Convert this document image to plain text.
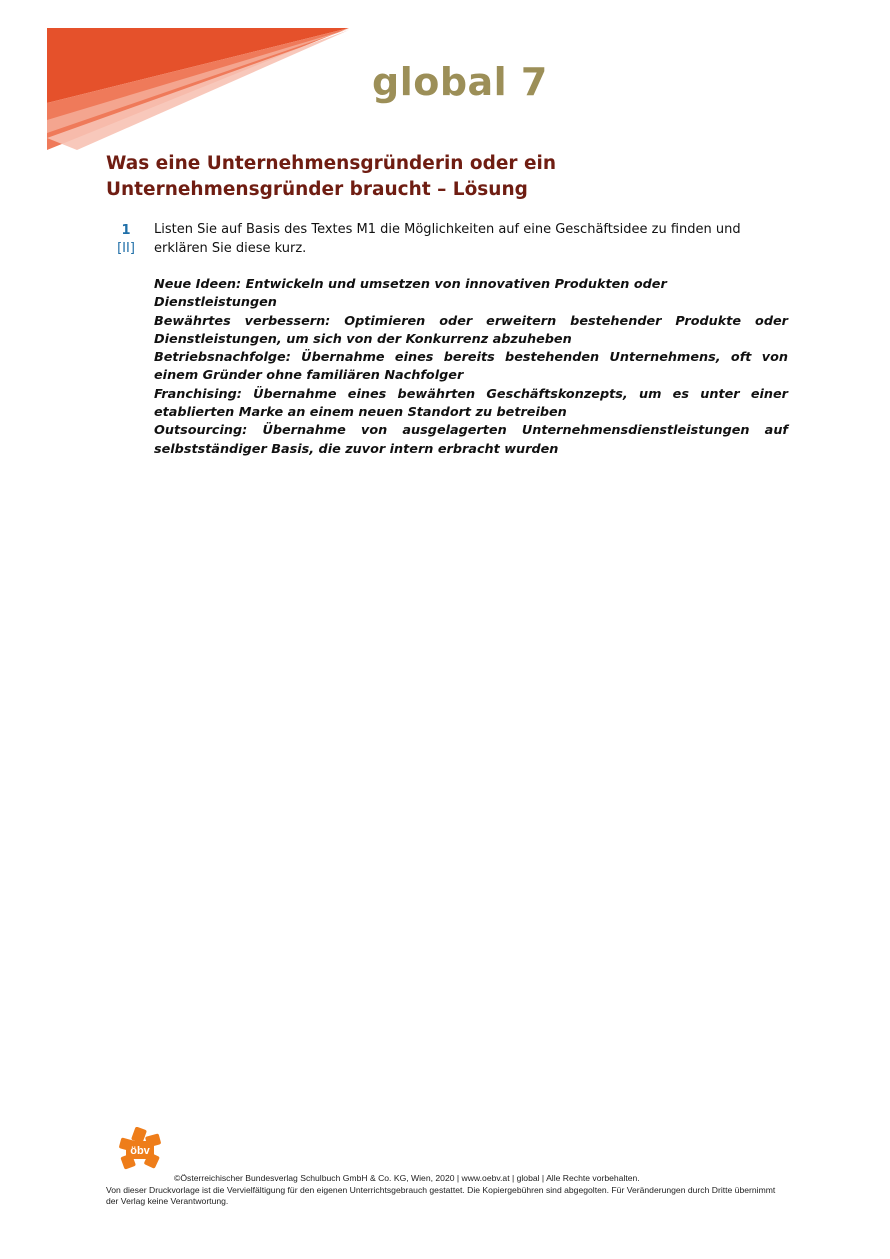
global 7
Was eine Unternehmensgründerin oder ein Unternehmensgründer braucht – Lösung
1
[II]

Listen Sie auf Basis des Textes M1 die Möglichkeiten auf eine Geschäftsidee zu finden und erklären Sie diese kurz.

Neue Ideen: Entwickeln und umsetzen von innovativen Produkten oder Dienstleistungen

Bewährtes verbessern: Optimieren oder erweitern bestehender Produkte oder Dienstleistungen, um sich von der Konkurrenz abzuheben

Betriebsnachfolge: Übernahme eines bereits bestehenden Unternehmens, oft von einem Gründer ohne familiären Nachfolger

Franchising: Übernahme eines bewährten Geschäftskonzepts, um es unter einer etablierten Marke an einem neuen Standort zu betreiben

Outsourcing: Übernahme von ausgelagerten Unternehmensdienstleistungen auf selbstständiger Basis, die zuvor intern erbracht wurden

öbv
©Österreichischer Bundesverlag Schulbuch GmbH & Co. KG, Wien, 2020 | www.oebv.at | global | Alle Rechte vorbehalten.
Von dieser Druckvorlage ist die Vervielfältigung für den eigenen Unterrichtsgebrauch gestattet. Die Kopiergebühren sind abgegolten. Für Veränderungen durch Dritte übernimmt der Verlag keine Verantwortung.
